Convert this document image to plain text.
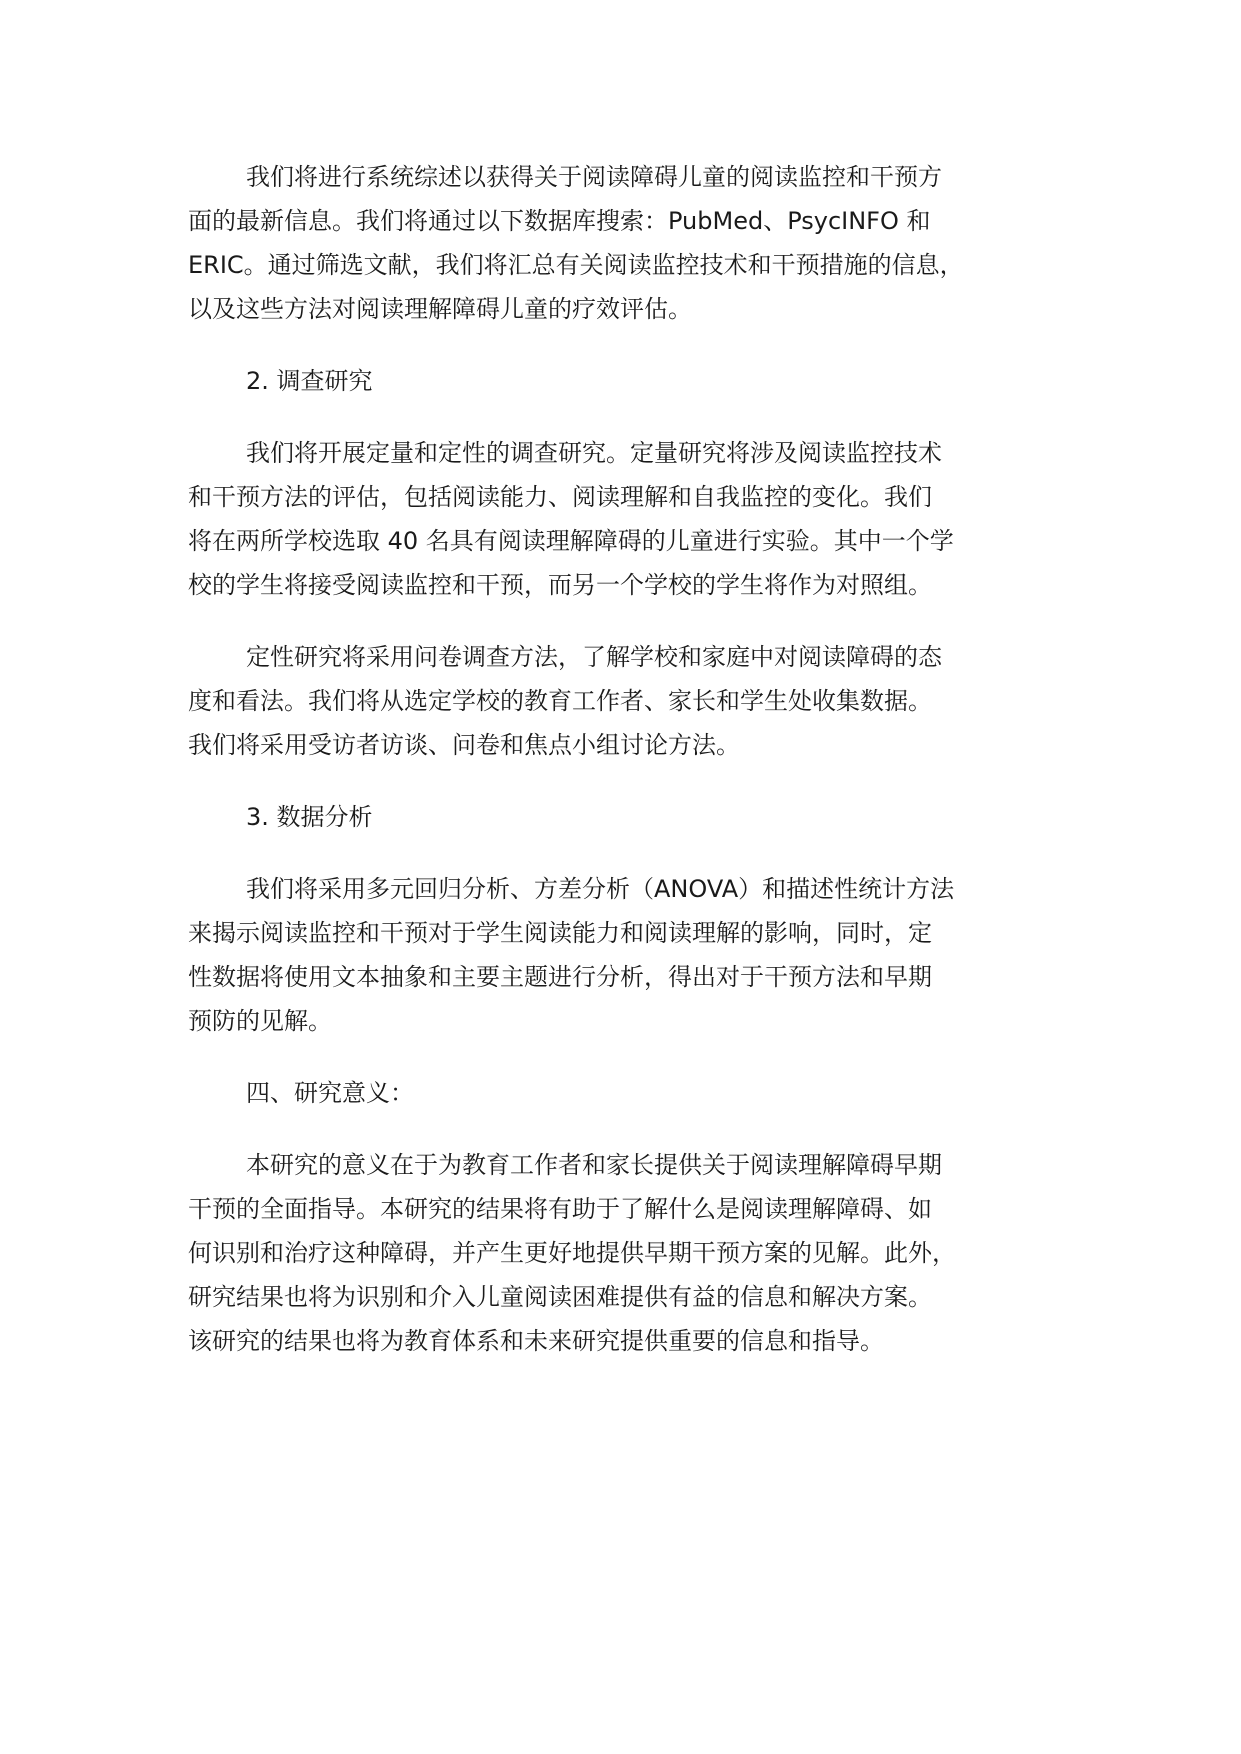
我们将进行系统综述以获得关于阅读障碍儿童的阅读监控和干预方
面的最新信息。我们将通过以下数据库搜索：PubMed、PsycINFO 和
ERIC。通过筛选文献，我们将汇总有关阅读监控技术和干预措施的信息，
以及这些方法对阅读理解障碍儿童的疗效评估。
2. 调查研究
我们将开展定量和定性的调查研究。定量研究将涉及阅读监控技术
和干预方法的评估，包括阅读能力、阅读理解和自我监控的变化。我们
将在两所学校选取 40 名具有阅读理解障碍的儿童进行实验。其中一个学
校的学生将接受阅读监控和干预，而另一个学校的学生将作为对照组。
定性研究将采用问卷调查方法，了解学校和家庭中对阅读障碍的态
度和看法。我们将从选定学校的教育工作者、家长和学生处收集数据。
我们将采用受访者访谈、问卷和焦点小组讨论方法。
3. 数据分析
我们将采用多元回归分析、方差分析（ANOVA）和描述性统计方法
来揭示阅读监控和干预对于学生阅读能力和阅读理解的影响，同时，定
性数据将使用文本抽象和主要主题进行分析，得出对于干预方法和早期
预防的见解。
四、研究意义：
本研究的意义在于为教育工作者和家长提供关于阅读理解障碍早期
干预的全面指导。本研究的结果将有助于了解什么是阅读理解障碍、如
何识别和治疗这种障碍，并产生更好地提供早期干预方案的见解。此外，
研究结果也将为识别和介入儿童阅读困难提供有益的信息和解决方案。
该研究的结果也将为教育体系和未来研究提供重要的信息和指导。
